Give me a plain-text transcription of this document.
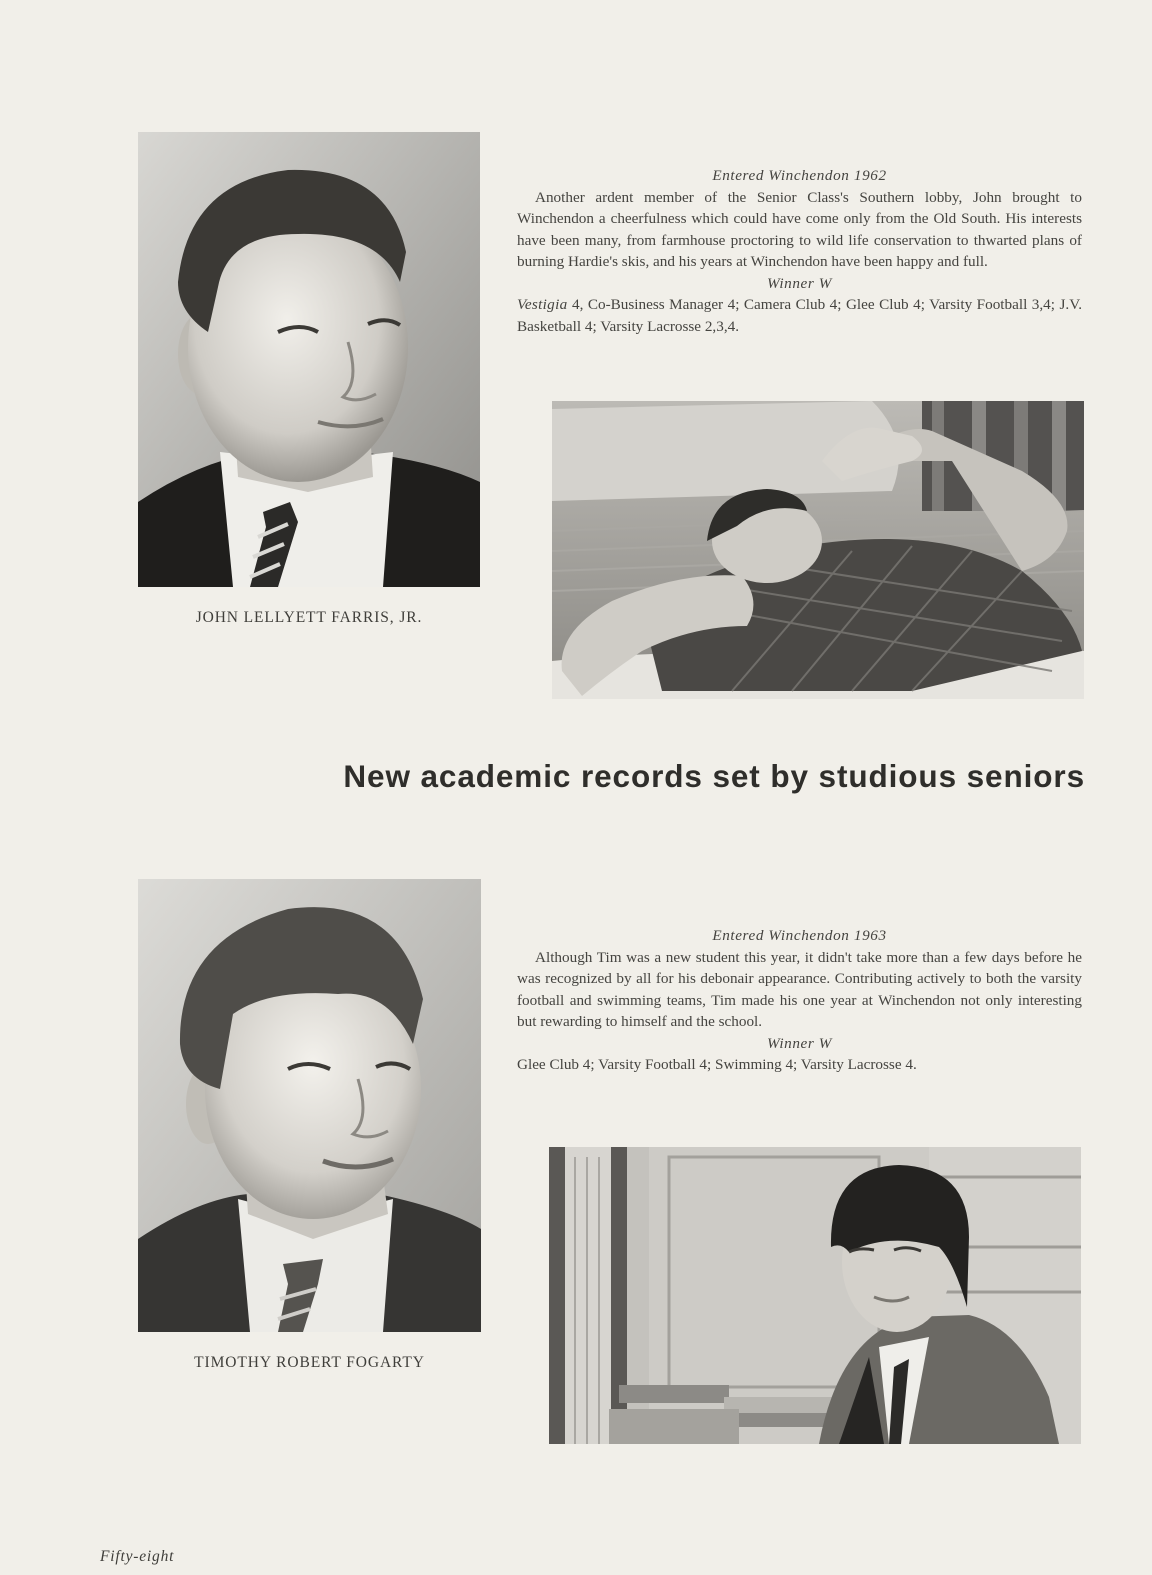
JOHN LELLYETT FARRIS, JR.
Entered Winchendon 1962

Another ardent member of the Senior Class's Southern lobby, John brought to Winchendon a cheerfulness which could have come only from the Old South. His interests have been many, from farmhouse proctoring to wild life conservation to thwarted plans of burning Hardie's skis, and his years at Winchendon have been happy and full.

Winner W

Vestigia 4, Co-Business Manager 4; Camera Club 4; Glee Club 4; Varsity Football 3,4; J.V. Basketball 4; Varsity Lacrosse 2,3,4.

New academic records set by studious seniors
TIMOTHY ROBERT FOGARTY
Entered Winchendon 1963

Although Tim was a new student this year, it didn't take more than a few days before he was recognized by all for his debonair appearance. Contributing actively to both the varsity football and swimming teams, Tim made his one year at Winchendon not only interesting but rewarding to himself and the school.

Winner W

Glee Club 4; Varsity Football 4; Swimming 4; Varsity Lacrosse 4.

Fifty-eight
